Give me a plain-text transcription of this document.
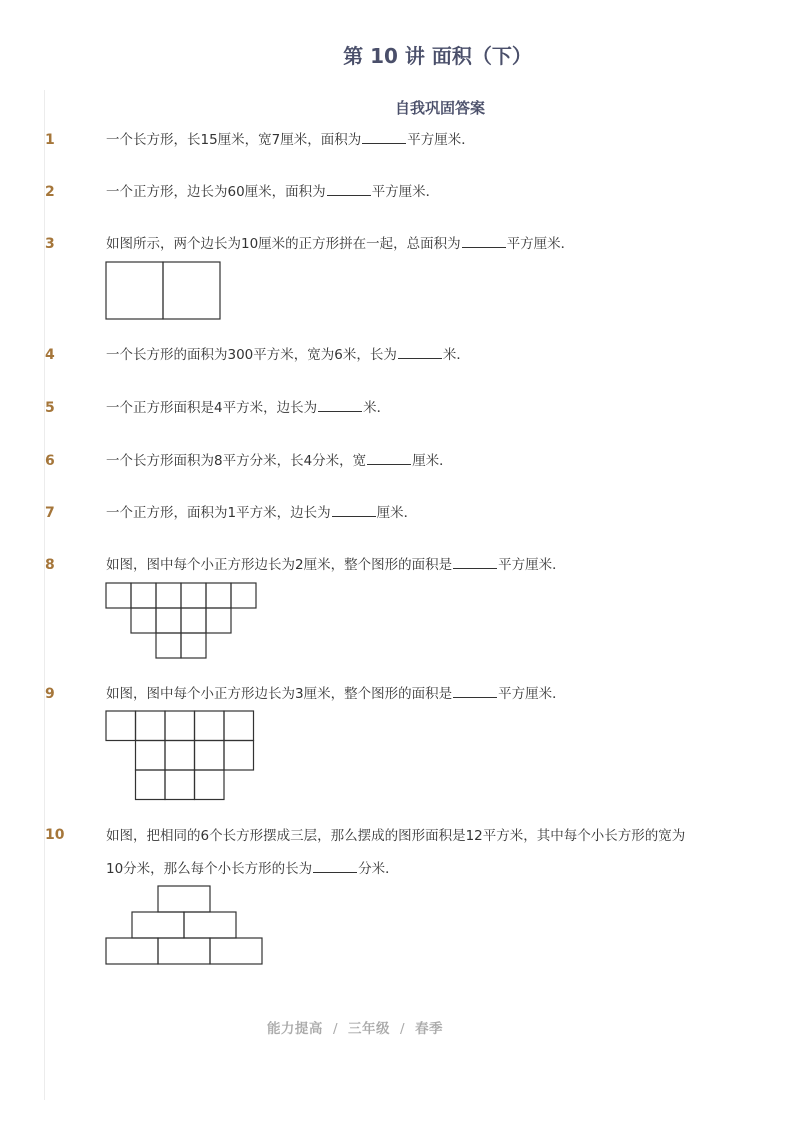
第 10 讲 面积（下）
自我巩固答案
1	一个长方形，长15厘米，宽7厘米，面积为	平方厘米．
2	一个正方形，边长为60厘米，面积为	平方厘米．
3	如图所示，两个边长为10厘米的正方形拼在一起，总面积为	平方厘米．
4	一个长方形的面积为300平方米，宽为6米，长为	米．
5	一个正方形面积是4平方米，边长为	米．
6	一个长方形面积为8平方分米，长4分米，宽	厘米．
7	一个正方形，面积为1平方米，边长为	厘米．
8	如图，图中每个小正方形边长为2厘米，整个图形的面积是	平方厘米．
9	如图，图中每个小正方形边长为3厘米，整个图形的面积是	平方厘米．
10	如图，把相同的6个长方形摆成三层，那么摆成的图形面积是12平方米，其中每个小长方形的宽为
10分米，那么每个小长方形的长为	分米．
能力提高 / 三年级 / 春季
